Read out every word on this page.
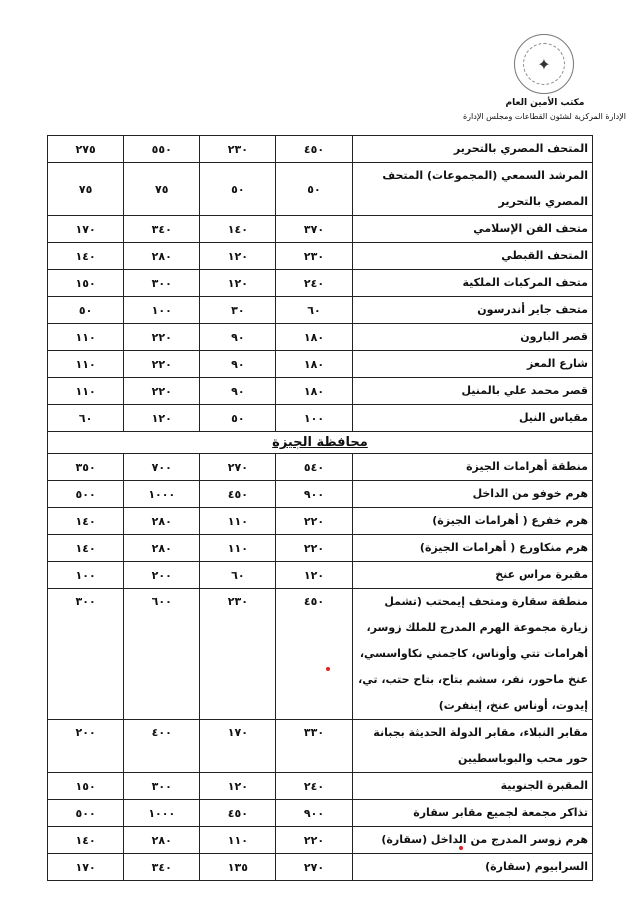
✦
مكتب الأمين العام
الإدارة المركزية لشئون القطاعات ومجلس الإدارة
المتحف المصري بالتحرير	٤٥٠	٢٣٠	٥٥٠	٢٧٥
المرشد السمعي (المجموعات) المتحف المصري بالتحرير	٥٠	٥٠	٧٥	٧٥
متحف الفن الإسلامي	٣٧٠	١٤٠	٣٤٠	١٧٠
المتحف القبطي	٢٣٠	١٢٠	٢٨٠	١٤٠
متحف المركبات الملكية	٢٤٠	١٢٠	٣٠٠	١٥٠
متحف جاير أندرسون	٦٠	٣٠	١٠٠	٥٠
قصر البارون	١٨٠	٩٠	٢٢٠	١١٠
شارع المعز	١٨٠	٩٠	٢٢٠	١١٠
قصر محمد علي بالمنيل	١٨٠	٩٠	٢٢٠	١١٠
مقياس النيل	١٠٠	٥٠	١٢٠	٦٠
محافظة الجيزة				
منطقة أهرامات الجيزة	٥٤٠	٢٧٠	٧٠٠	٣٥٠
هرم خوفو من الداخل	٩٠٠	٤٥٠	١٠٠٠	٥٠٠
هرم خفرع ( أهرامات الجيزة)	٢٢٠	١١٠	٢٨٠	١٤٠
هرم منكاورع ( أهرامات الجيزة)	٢٢٠	١١٠	٢٨٠	١٤٠
مقبرة مراس عنخ	١٢٠	٦٠	٢٠٠	١٠٠
منطقة سقارة ومتحف إيمحتب (تشمل زيارة مجموعة الهرم المدرج للملك زوسر، أهرامات تتي وأوناس، كاجمني نكاواسسي، عنخ ماحور، نفر، سشم بتاح، بتاح حتب، تي، إيدوت، أوناس عنخ، إينفرت)	٤٥٠	٢٣٠	٦٠٠	٣٠٠
مقابر النبلاء، مقابر الدولة الحديثة بجبانة حور محب والبوباسطيين	٣٣٠	١٧٠	٤٠٠	٢٠٠
المقبرة الجنوبية	٢٤٠	١٢٠	٣٠٠	١٥٠
تذاكر مجمعة لجميع مقابر سقارة	٩٠٠	٤٥٠	١٠٠٠	٥٠٠
هرم زوسر المدرج من الداخل (سقارة)	٢٢٠	١١٠	٢٨٠	١٤٠
السرابيوم (سقارة)	٢٧٠	١٣٥	٣٤٠	١٧٠
